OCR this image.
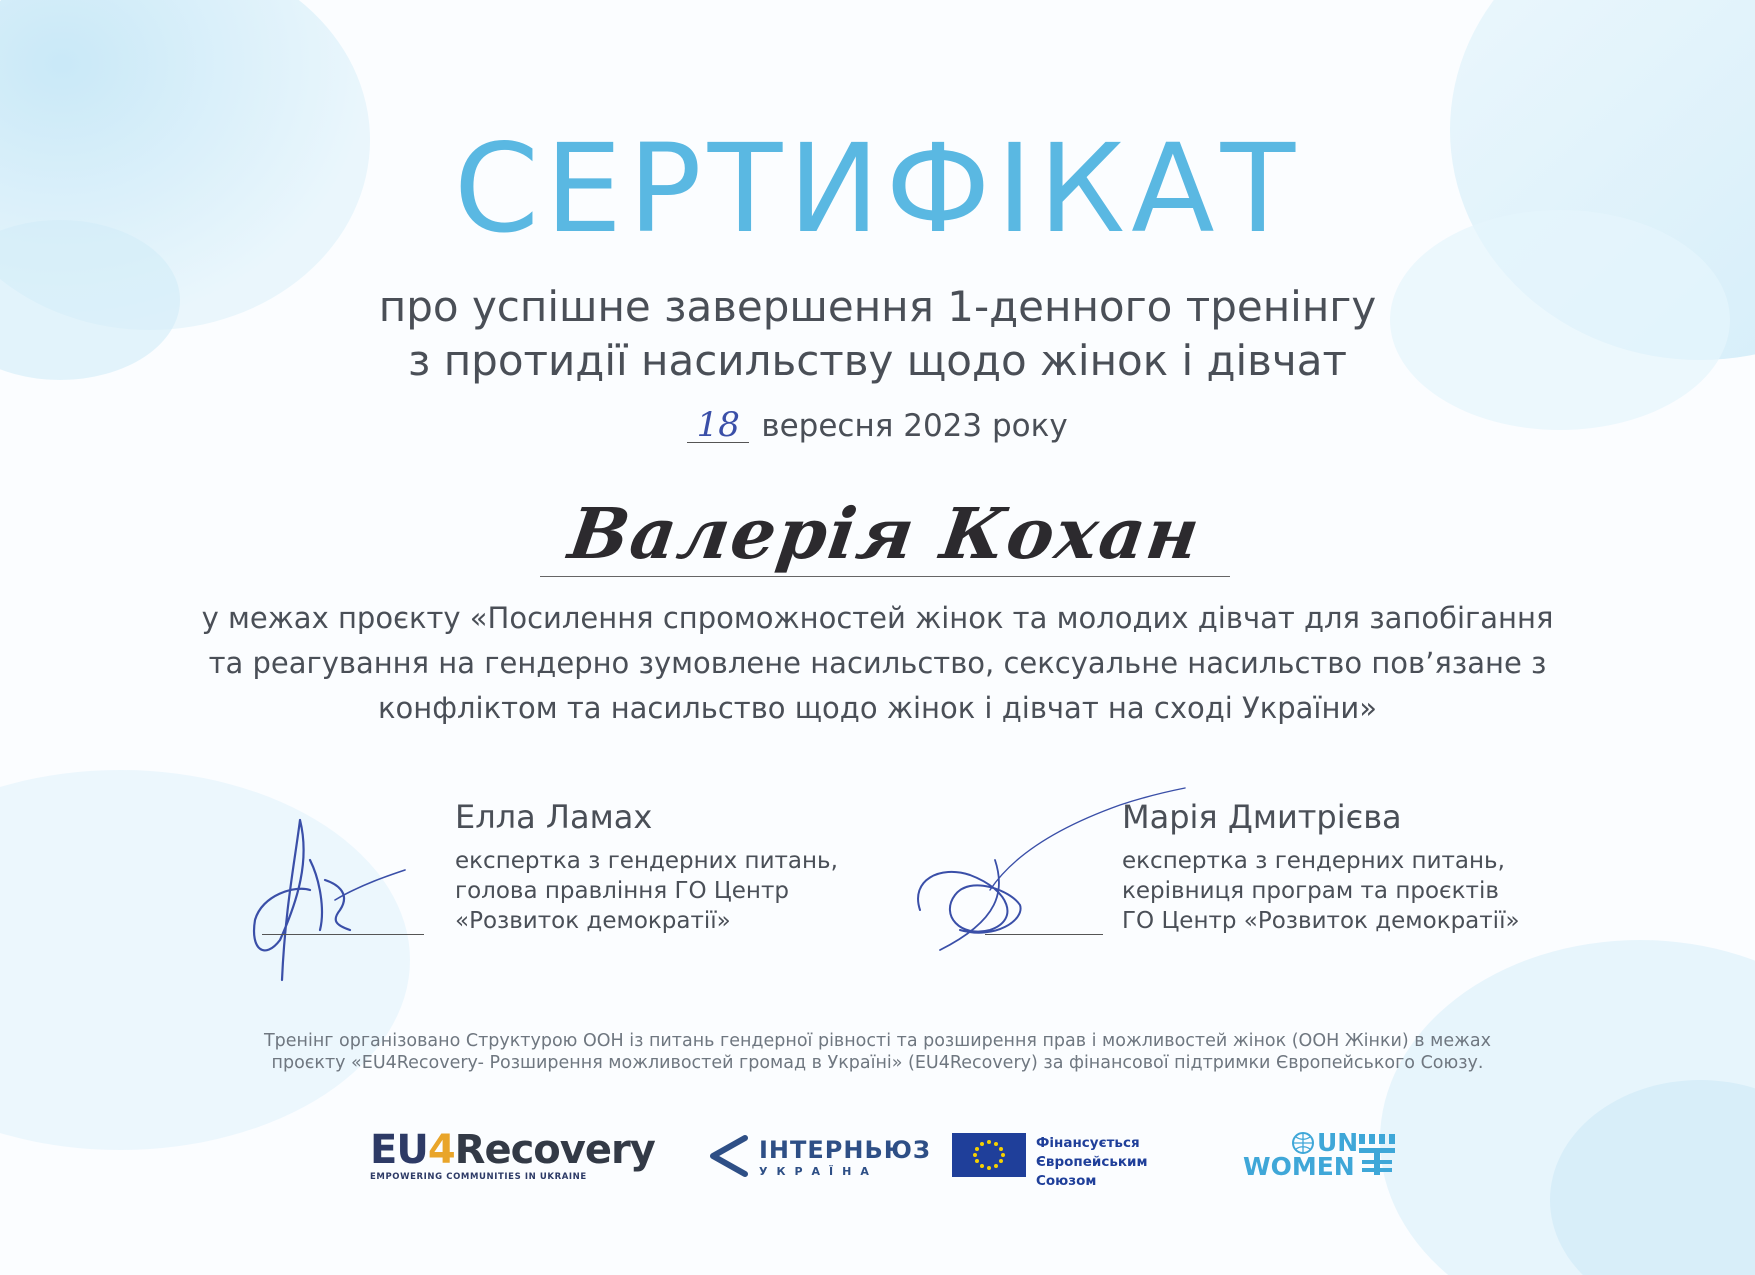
СЕРТИФІКАТ
про успішне завершення 1-денного тренінгу
з протидії насильству щодо жінок і дівчат
18 вересня 2023 року
Валерія Кохан
у межах проєкту «Посилення спроможностей жінок та молодих дівчат для запобігання
та реагування на гендерно зумовлене насильство, сексуальне насильство пов’язане з
конфліктом та насильство щодо жінок і дівчат на сході України»
Елла Ламах
експертка з гендерних питань,
голова правління ГО Центр
«Розвиток демократії»
Марія Дмитрієва
експертка з гендерних питань,
керівниця програм та проєктів
ГО Центр «Розвиток демократії»
Тренінг організовано Структурою ООН із питань гендерної рівності та розширення прав і можливостей жінок (ООН Жінки) в межах
проєкту «EU4Recovery- Розширення можливостей громад в Україні» (EU4Recovery) за фінансової підтримки Європейського Союзу.
EU4Recovery
EMPOWERING COMMUNITIES IN UKRAINE
ІНТЕРНЬЮЗ
УКРАЇНА
Фінансується
Європейським Союзом
UN
WOMEN
